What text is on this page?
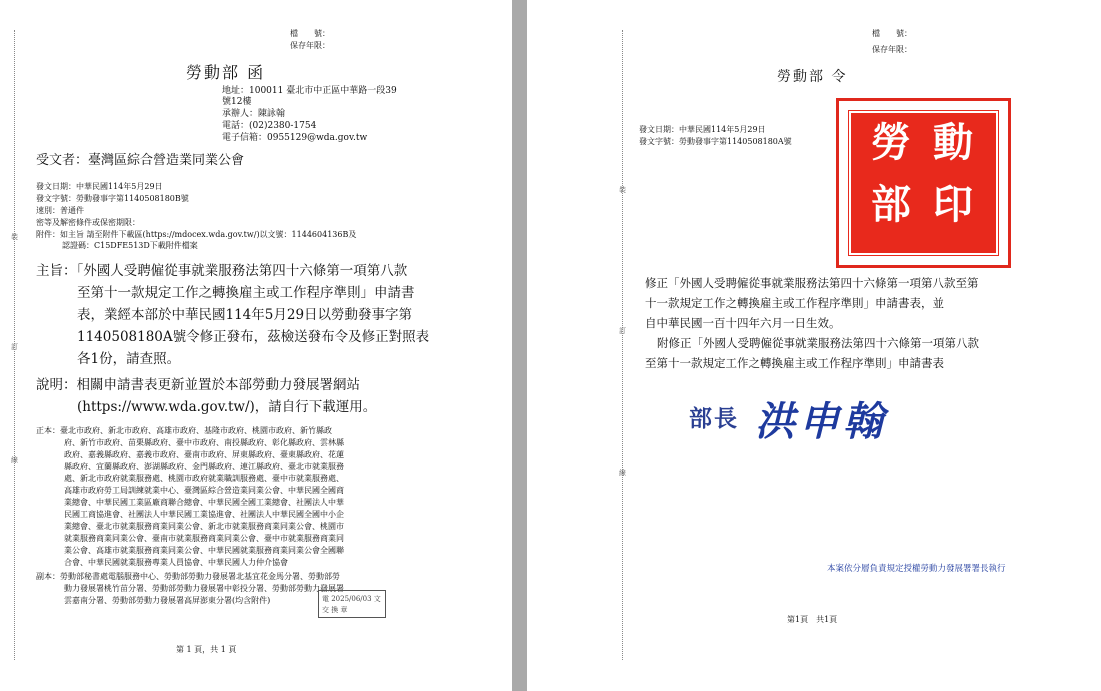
裝
訂
線
檔　　號：
保存年限：
勞動部 函
地址：100011 臺北市中正區中華路一段39
號12樓
承辦人：陳詠翰
電話：(02)2380-1754
電子信箱：0955129@wda.gov.tw
受文者：臺灣區綜合營造業同業公會
發文日期：中華民國114年5月29日
發文字號：勞動發事字第1140508180B號
速別：普通件
密等及解密條件或保密期限：
附件：如主旨 請至附件下載區(https://mdocex.wda.gov.tw/)以文號：1144604136B及
認證碼：C15DFE513D下載附件檔案
主旨：「外國人受聘僱從事就業服務法第四十六條第一項第八款
至第十一款規定工作之轉換雇主或工作程序準則」申請書
表，業經本部於中華民國114年5月29日以勞動發事字第
1140508180A號令修正發布，茲檢送發布令及修正對照表
各1份，請查照。
說明：相關申請書表更新並置於本部勞動力發展署網站
(https://www.wda.gov.tw/)，請自行下載運用。
正本：臺北市政府、新北市政府、高雄市政府、基隆市政府、桃園市政府、新竹縣政
府、新竹市政府、苗栗縣政府、臺中市政府、南投縣政府、彰化縣政府、雲林縣
政府、嘉義縣政府、嘉義市政府、臺南市政府、屏東縣政府、臺東縣政府、花蓮
縣政府、宜蘭縣政府、澎湖縣政府、金門縣政府、連江縣政府、臺北市就業服務
處、新北市政府就業服務處、桃園市政府就業職訓服務處、臺中市就業服務處、
高雄市政府勞工局訓練就業中心、臺灣區綜合營造業同業公會、中華民國全國商
業總會、中華民國工業區廠商聯合總會、中華民國全國工業總會、社團法人中華
民國工商協進會、社團法人中華民國工業協進會、社團法人中華民國全國中小企
業總會、臺北市就業服務商業同業公會、新北市就業服務商業同業公會、桃園市
就業服務商業同業公會、臺南市就業服務商業同業公會、臺中市就業服務商業同
業公會、高雄市就業服務商業同業公會、中華民國就業服務商業同業公會全國聯
合會、中華民國就業服務專業人員協會、中華民國人力仲介協會
副本：勞動部秘書處電腦服務中心、勞動部勞動力發展署北基宜花金馬分署、勞動部勞
動力發展署桃竹苗分署、勞動部勞動力發展署中彰投分署、勞動部勞動力發展署
雲嘉南分署、勞動部勞動力發展署高屏澎東分署(均含附件)	電 2025/06/03 文
交 換 章
第 1 頁，共 1 頁
裝
訂
線
檔　　號：
保存年限：
勞動部 令
發文日期：中華民國114年5月29日
發文字號：勞動發事字第1140508180A號	勞 動
部 印
修正「外國人受聘僱從事就業服務法第四十六條第一項第八款至第
十一款規定工作之轉換雇主或工作程序準則」申請書表，並
自中華民國一百十四年六月一日生效。
附修正「外國人受聘僱從事就業服務法第四十六條第一項第八款
至第十一款規定工作之轉換雇主或工作程序準則」申請書表
部長 洪申翰
本案依分層負責規定授權勞動力發展署署長執行
第1頁　共1頁
